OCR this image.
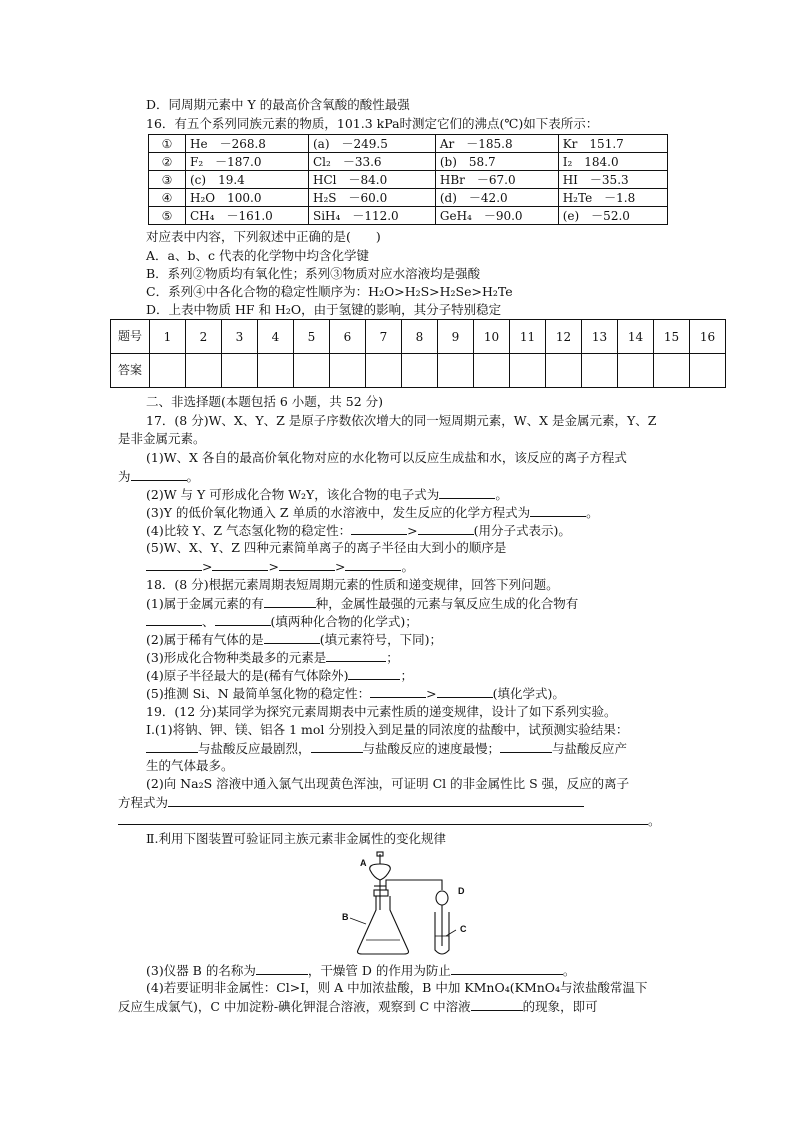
D．同周期元素中 Y 的最高价含氧酸的酸性最强
16．有五个系列同族元素的物质，101.3 kPa时测定它们的沸点(℃)如下表所示：
①	He　－268.8	(a)　－249.5	Ar　－185.8	Kr　151.7
②	F₂　－187.0	Cl₂　－33.6	(b)　58.7	I₂　184.0
③	(c)　19.4	HCl　－84.0	HBr　－67.0	HI　－35.3
④	H₂O　100.0	H₂S　－60.0	(d)　－42.0	H₂Te　－1.8
⑤	CH₄　－161.0	SiH₄　－112.0	GeH₄　－90.0	(e)　－52.0
对应表中内容，下列叙述中正确的是(　　)
A．a、b、c 代表的化学物中均含化学键
B．系列②物质均有氧化性；系列③物质对应水溶液均是强酸
C．系列④中各化合物的稳定性顺序为：H₂O>H₂S>H₂Se>H₂Te
D．上表中物质 HF 和 H₂O，由于氢键的影响，其分子特别稳定
题号	1	2	3	4	5	6	7	8	9	10	11	12	13	14	15	16
答案																
二、非选择题(本题包括 6 小题，共 52 分)
17．(8 分)W、X、Y、Z 是原子序数依次增大的同一短周期元素，W、X 是金属元素，Y、Z
是非金属元素。
(1)W、X 各自的最高价氧化物对应的水化物可以反应生成盐和水，该反应的离子方程式
为	。
(2)W 与 Y 可形成化合物 W₂Y，该化合物的电子式为	。
(3)Y 的低价氧化物通入 Z 单质的水溶液中，发生反应的化学方程式为	。
(4)比较 Y、Z 气态氢化物的稳定性：	>	(用分子式表示)。
(5)W、X、Y、Z 四种元素简单离子的离子半径由大到小的顺序是
>	>	>	。
18．(8 分)根据元素周期表短周期元素的性质和递变规律，回答下列问题。
(1)属于金属元素的有	种，金属性最强的元素与氧反应生成的化合物有
、	(填两种化合物的化学式)；
(2)属于稀有气体的是	(填元素符号，下同)；
(3)形成化合物种类最多的元素是	；
(4)原子半径最大的是(稀有气体除外)	；
(5)推测 Si、N 最简单氢化物的稳定性：	>	(填化学式)。
19．(12 分)某同学为探究元素周期表中元素性质的递变规律，设计了如下系列实验。
Ⅰ.(1)将钠、钾、镁、铝各 1 mol 分别投入到足量的同浓度的盐酸中，试预测实验结果：
与盐酸反应最剧烈，	与盐酸反应的速度最慢；	与盐酸反应产
生的气体最多。
(2)向 Na₂S 溶液中通入氯气出现黄色浑浊，可证明 Cl 的非金属性比 S 强，反应的离子
方程式为
。
Ⅱ.利用下图装置可验证同主族元素非金属性的变化规律
A
B
D
C
(3)仪器 B 的名称为	，干燥管 D 的作用为防止	。
(4)若要证明非金属性：Cl>I，则 A 中加浓盐酸，B 中加 KMnO₄(KMnO₄与浓盐酸常温下
反应生成氯气)，C 中加淀粉-碘化钾混合溶液，观察到 C 中溶液	的现象，即可
